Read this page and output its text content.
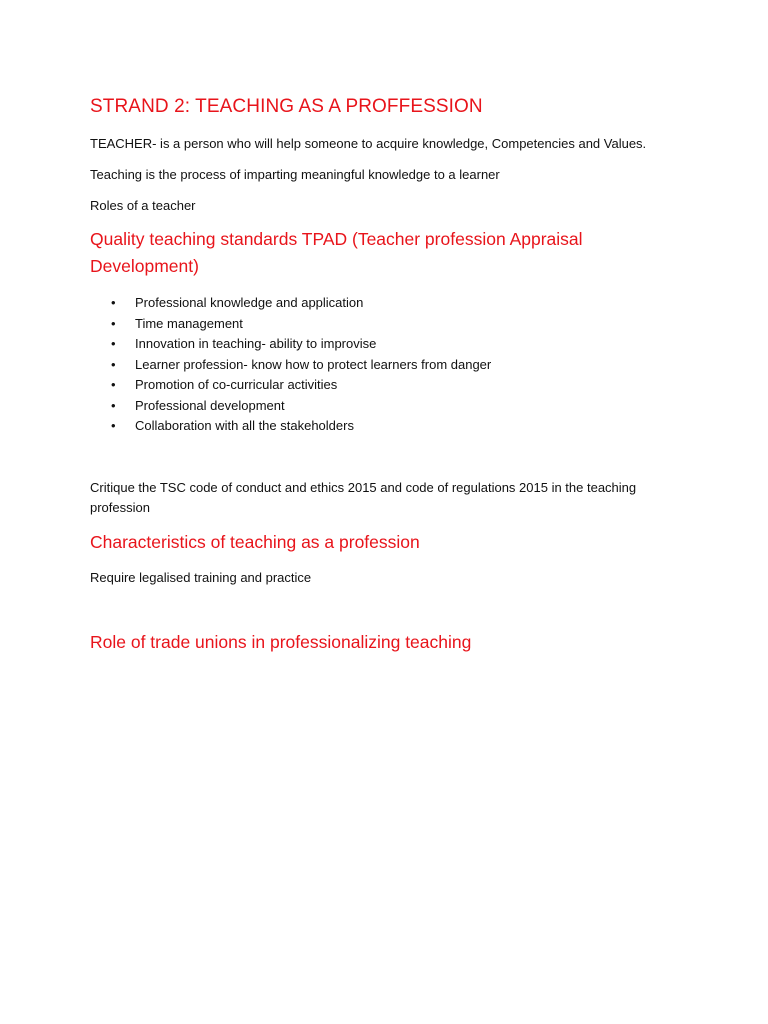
STRAND 2: TEACHING AS A PROFFESSION

TEACHER- is a person who will help someone to acquire knowledge, Competencies and Values.

Teaching is the process of imparting meaningful knowledge to a learner

Roles of a teacher

Quality teaching standards TPAD (Teacher profession Appraisal Development)
• Professional knowledge and application
• Time management
• Innovation in teaching- ability to improvise
• Learner profession- know how to protect learners from danger
• Promotion of co-curricular activities
• Professional development
• Collaboration with all the stakeholders

Critique the TSC code of conduct and ethics 2015 and code of regulations 2015 in the teaching profession

Characteristics of teaching as a profession

Require legalised training and practice

Role of trade unions in professionalizing teaching
